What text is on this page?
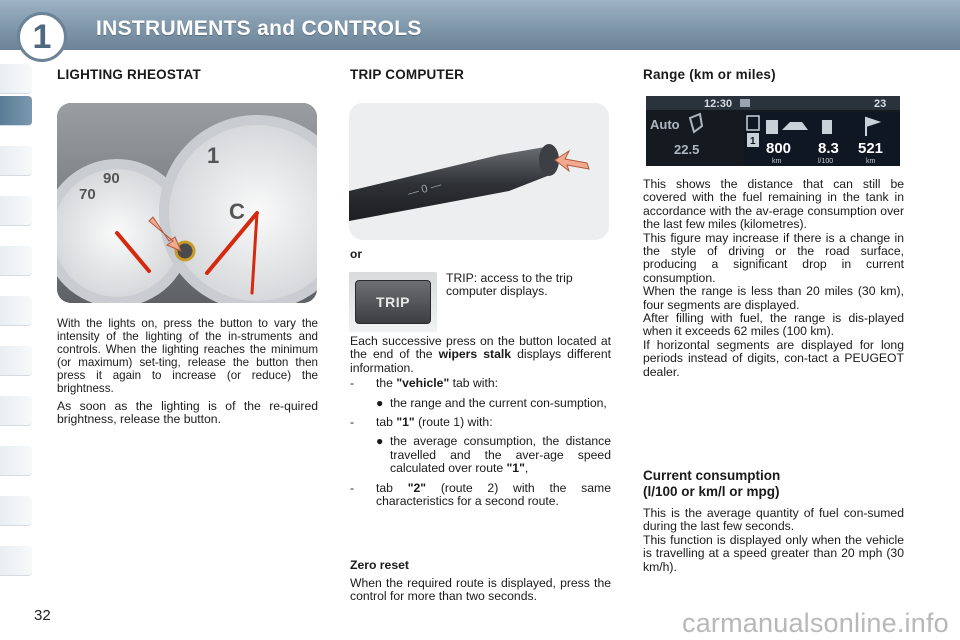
INSTRUMENTS and CONTROLS
1
LIGHTING RHEOSTAT
70
90
1
C

With the lights on, press the button to vary the intensity of the lighting of the in-struments and controls. When the lighting reaches the minimum (or maximum) set-ting, release the button then press it again to increase (or reduce) the brightness.

As soon as the lighting is of the re-quired brightness, release the button.

TRIP COMPUTER
— 0 —
or
TRIP
TRIP: access to the trip computer displays.

Each successive press on the button located at the end of the wipers stalk displays different information.

-	the "vehicle" tab with:
● the range and the current con-sumption,
-	tab "1" (route 1) with:
● the average consumption, the distance travelled and the aver-age speed calculated over route "1",
-	tab "2" (route 2) with the same characteristics for a second route.
Zero reset
When the required route is displayed, press the control for more than two seconds.
Range (km or miles)
12:30	23
Auto
22.5
1 800 8.3 521
km	l/100	km
This shows the distance that can still be covered with the fuel remaining in the tank in accordance with the av-erage consumption over the last few miles (kilometres).
This figure may increase if there is a change in the style of driving or the road surface, producing a significant drop in current consumption.
When the range is less than 20 miles (30 km), four segments are displayed.
After filling with fuel, the range is dis-played when it exceeds 62 miles (100 km).
If horizontal segments are displayed for long periods instead of digits, con-tact a PEUGEOT dealer.
Current consumption
(l/100 or km/l or mpg)
This is the average quantity of fuel con-sumed during the last few seconds.
This function is displayed only when the vehicle is travelling at a speed greater than 20 mph (30 km/h).
32	carmanualsonline.info
